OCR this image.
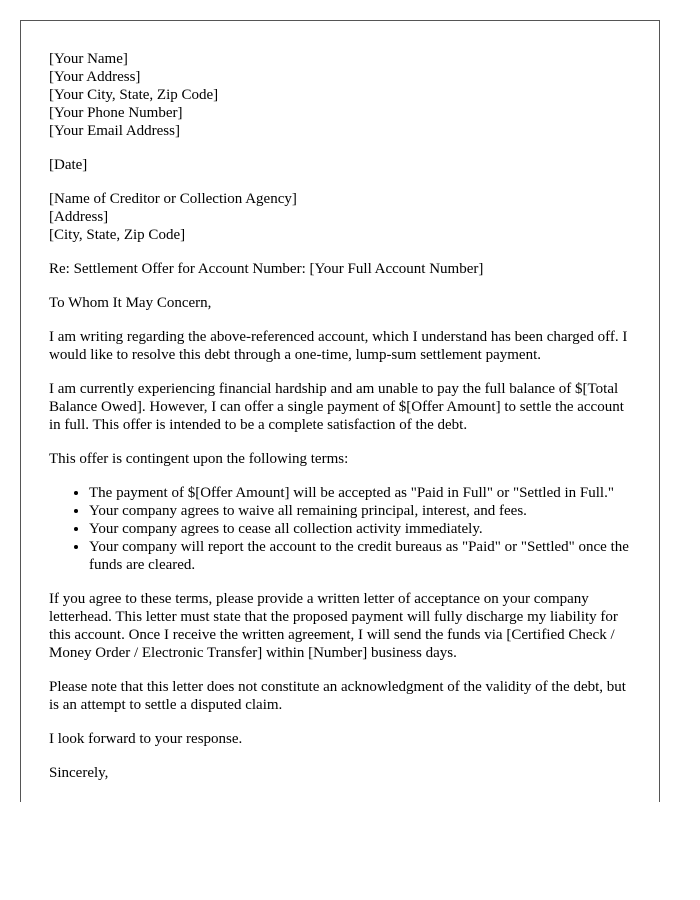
[Your Name]
[Your Address]
[Your City, State, Zip Code]
[Your Phone Number]
[Your Email Address]

[Date]

[Name of Creditor or Collection Agency]
[Address]
[City, State, Zip Code]

Re: Settlement Offer for Account Number: [Your Full Account Number]

To Whom It May Concern,

I am writing regarding the above-referenced account, which I understand has been charged off. I would like to resolve this debt through a one-time, lump-sum settlement payment.

I am currently experiencing financial hardship and am unable to pay the full balance of $[Total Balance Owed]. However, I can offer a single payment of $[Offer Amount] to settle the account in full. This offer is intended to be a complete satisfaction of the debt.

This offer is contingent upon the following terms:

• The payment of $[Offer Amount] will be accepted as "Paid in Full" or "Settled in Full."
• Your company agrees to waive all remaining principal, interest, and fees.
• Your company agrees to cease all collection activity immediately.
• Your company will report the account to the credit bureaus as "Paid" or "Settled" once the funds are cleared.

If you agree to these terms, please provide a written letter of acceptance on your company letterhead. This letter must state that the proposed payment will fully discharge my liability for this account. Once I receive the written agreement, I will send the funds via [Certified Check / Money Order / Electronic Transfer] within [Number] business days.

Please note that this letter does not constitute an acknowledgment of the validity of the debt, but is an attempt to settle a disputed claim.

I look forward to your response.

Sincerely,
